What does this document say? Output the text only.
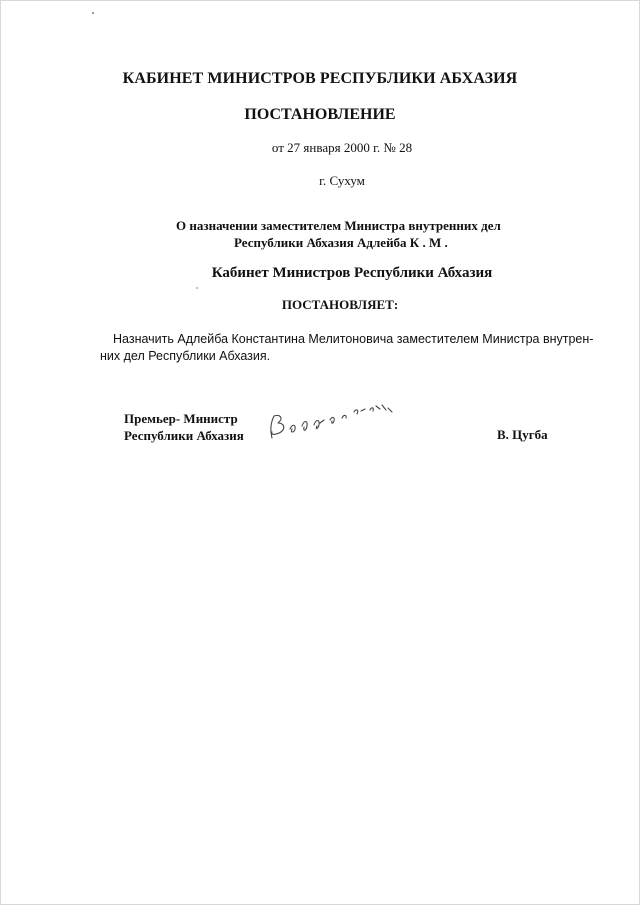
КАБИНЕТ МИНИСТРОВ РЕСПУБЛИКИ АБХАЗИЯ
ПОСТАНОВЛЕНИЕ
от 27 января 2000 г. № 28
г. Сухум
О назначении заместителем Министра внутренних дел
Республики Абхазия Адлейба К . М .
Кабинет Министров Республики Абхазия
ПОСТАНОВЛЯЕТ:
Назначить Адлейба Константина Мелитоновича заместителем Министра внутрен-
них дел Республики Абхазия.
Премьер- Министр
Республики Абхазия	В. Цугба
